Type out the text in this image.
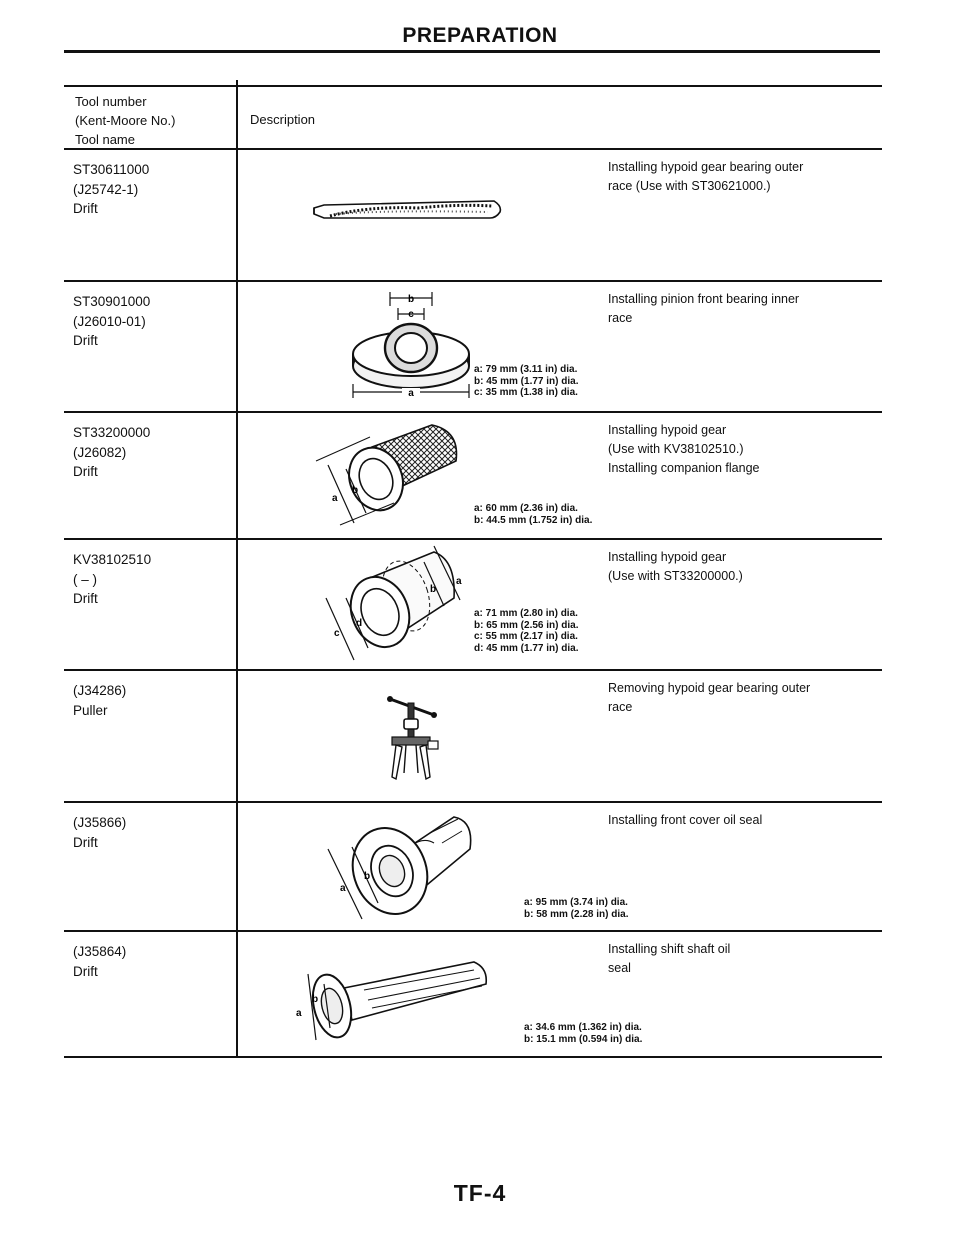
PREPARATION
Tool number
(Kent-Moore No.)
Tool name
Description
ST30611000
(J25742-1)
Drift
Installing hypoid gear bearing outer
race (Use with ST30621000.)
ST30901000
(J26010-01)
Drift
Installing pinion front bearing inner
race
b
c
a
a: 79 mm (3.11 in) dia.
b: 45 mm (1.77 in) dia.
c: 35 mm (1.38 in) dia.
ST33200000
(J26082)
Drift
Installing hypoid gear
(Use with KV38102510.)
Installing companion flange
b
a
a: 60 mm (2.36 in) dia.
b: 44.5 mm (1.752 in) dia.
KV38102510
( – )
Drift
Installing hypoid gear
(Use with ST33200000.)
d
c
b
a
a: 71 mm (2.80 in) dia.
b: 65 mm (2.56 in) dia.
c: 55 mm (2.17 in) dia.
d: 45 mm (1.77 in) dia.
(J34286)
Puller
Removing hypoid gear bearing outer
race
(J35866)
Drift
Installing front cover oil seal
b
a
a: 95 mm (3.74 in) dia.
b: 58 mm (2.28 in) dia.
(J35864)
Drift
Installing shift shaft oil
seal
b
a
a: 34.6 mm (1.362 in) dia.
b: 15.1 mm (0.594 in) dia.
TF-4
